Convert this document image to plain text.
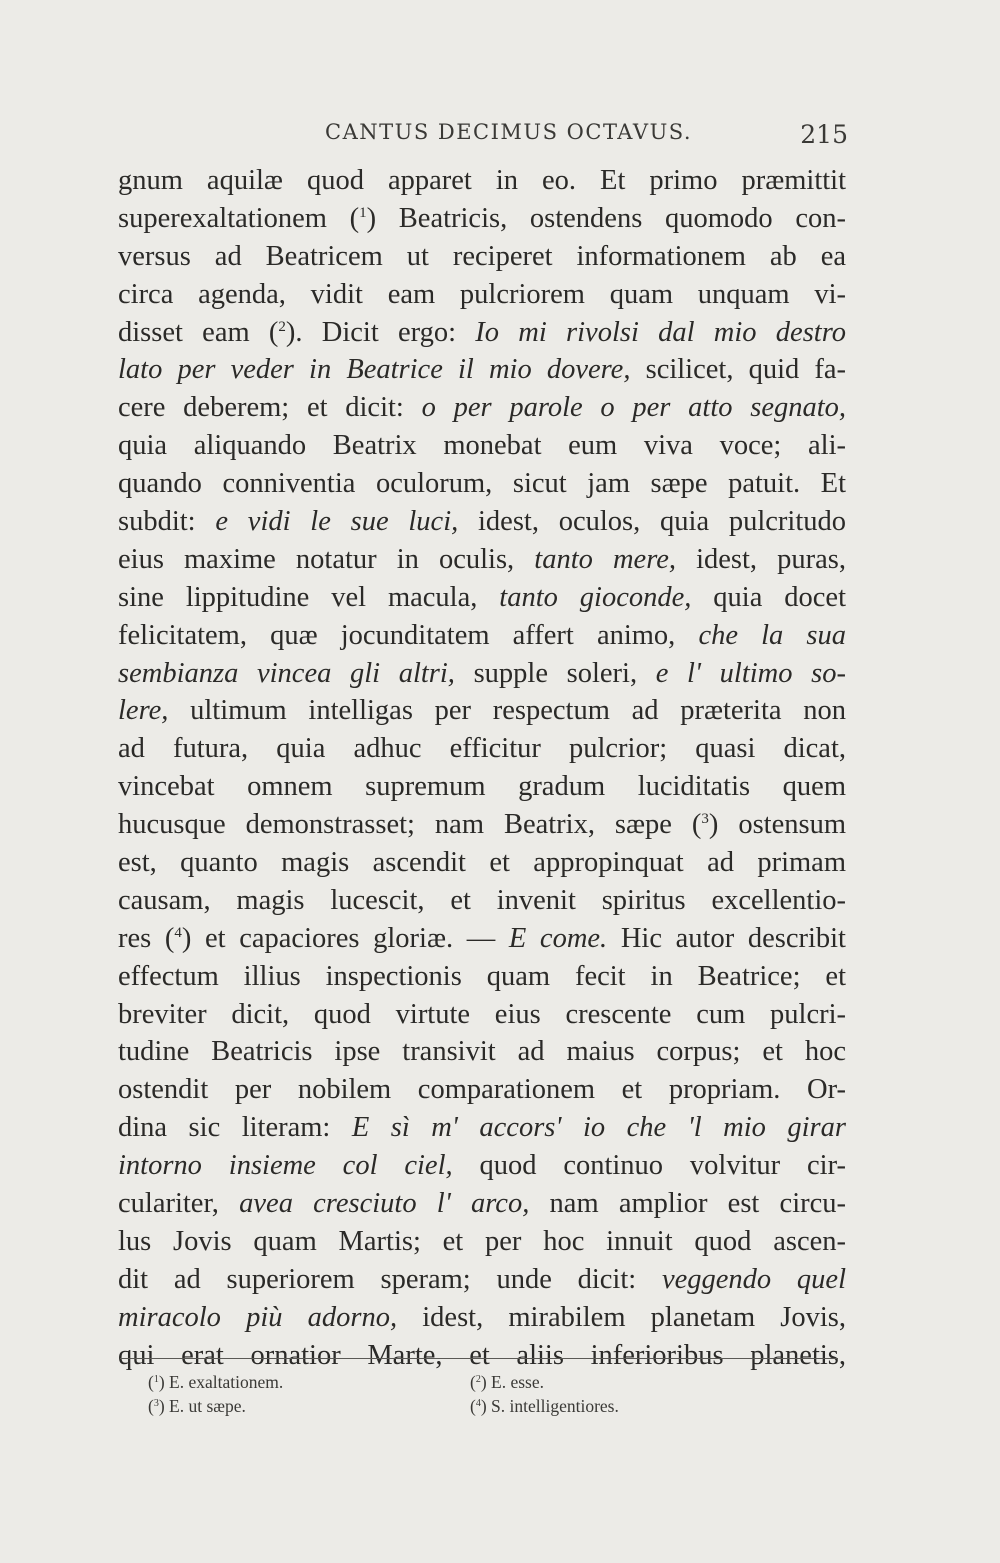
CANTUS DECIMUS OCTAVUS.	215
gnum aquilæ quod apparet in eo. Et primo præmittit
superexaltationem ($^1$) Beatricis, ostendens quomodo con-
versus ad Beatricem ut reciperet informationem ab ea
circa agenda, vidit eam pulcriorem quam unquam vi-
disset eam ($^2$). Dicit ergo: Io mi rivolsi dal mio destro
lato per veder in Beatrice il mio dovere, scilicet, quid fa-
cere deberem; et dicit: o per parole o per atto segnato,
quia aliquando Beatrix monebat eum viva voce; ali-
quando conniventia oculorum, sicut jam sæpe patuit. Et
subdit: e vidi le sue luci, idest, oculos, quia pulcritudo
eius maxime notatur in oculis, tanto mere, idest, puras,
sine lippitudine vel macula, tanto gioconde, quia docet
felicitatem, quæ jocunditatem affert animo, che la sua
sembianza vincea gli altri, supple soleri, e l' ultimo so-
lere, ultimum intelligas per respectum ad præterita non
ad futura, quia adhuc efficitur pulcrior; quasi dicat,
vincebat omnem supremum gradum luciditatis quem
hucusque demonstrasset; nam Beatrix, sæpe ($^3$) ostensum
est, quanto magis ascendit et appropinquat ad primam
causam, magis lucescit, et invenit spiritus excellentio-
res ($^4$) et capaciores gloriæ. — E come. Hic autor describit
effectum illius inspectionis quam fecit in Beatrice; et
breviter dicit, quod virtute eius crescente cum pulcri-
tudine Beatricis ipse transivit ad maius corpus; et hoc
ostendit per nobilem comparationem et propriam. Or-
dina sic literam: E sì m' accors' io che 'l mio girar
intorno insieme col ciel, quod continuo volvitur cir-
culariter, avea cresciuto l' arco, nam amplior est circu-
lus Jovis quam Martis; et per hoc innuit quod ascen-
dit ad superiorem speram; unde dicit: veggendo quel
miracolo più adorno, idest, mirabilem planetam Jovis,
qui erat ornatior Marte, et aliis inferioribus planetis,
($^1$) E. exaltationem.	($^2$) E. esse.
($^3$) E. ut sæpe.	($^4$) S. intelligentiores.
